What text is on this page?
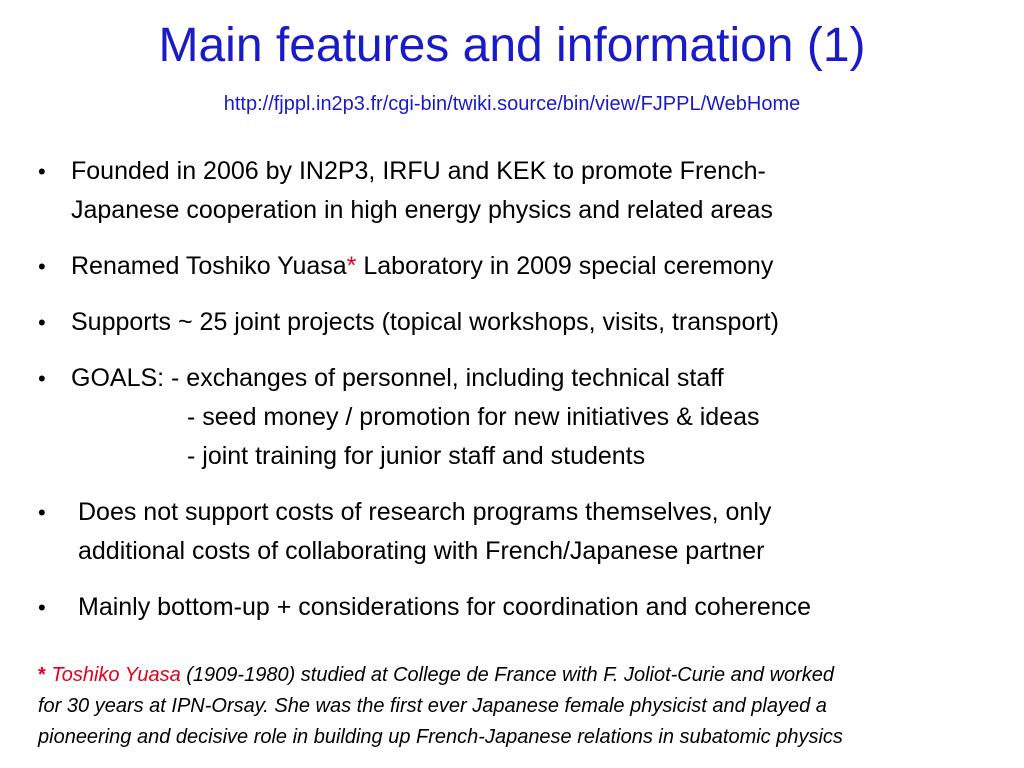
Main features and information (1)
http://fjppl.in2p3.fr/cgi-bin/twiki.source/bin/view/FJPPL/WebHome
• Founded in 2006 by IN2P3, IRFU and KEK to promote French-
Japanese cooperation in high energy physics and related areas
• Renamed Toshiko Yuasa* Laboratory in 2009 special ceremony
• Supports ~ 25 joint projects (topical workshops, visits, transport)
• GOALS: - exchanges of personnel, including technical staff
- seed money / promotion for new initiatives & ideas
- joint training for junior staff and students
• Does not support costs of research programs themselves, only
additional costs of collaborating with French/Japanese partner
• Mainly bottom-up + considerations for coordination and coherence
* Toshiko Yuasa (1909-1980) studied at College de France with F. Joliot-Curie and worked
for 30 years at IPN-Orsay. She was the first ever Japanese female physicist and played a
pioneering and decisive role in building up French-Japanese relations in subatomic physics
